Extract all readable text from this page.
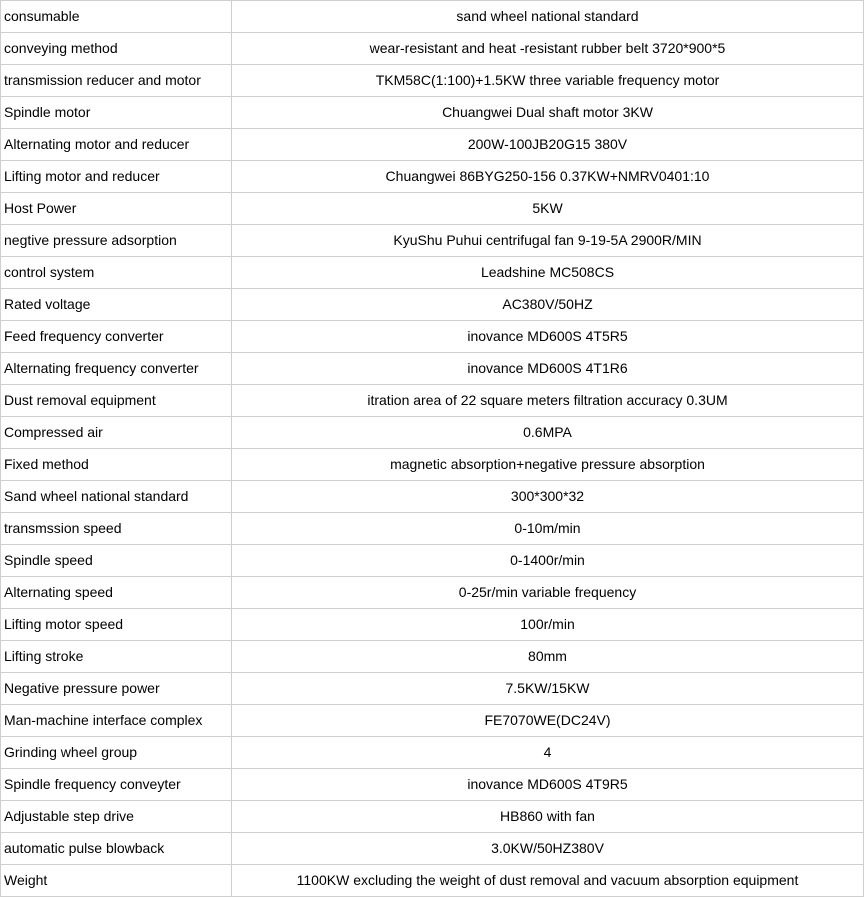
consumable	sand wheel national standard
conveying method	wear-resistant and heat -resistant rubber belt 3720*900*5
transmission reducer and motor	TKM58C(1:100)+1.5KW three variable frequency motor
Spindle motor	Chuangwei Dual shaft motor 3KW
Alternating motor and reducer	200W-100JB20G15 380V
Lifting motor and reducer	Chuangwei 86BYG250-156 0.37KW+NMRV0401:10
Host Power	5KW
negtive pressure adsorption	KyuShu Puhui centrifugal fan 9-19-5A 2900R/MIN
control system	Leadshine MC508CS
Rated voltage	AC380V/50HZ
Feed frequency converter	inovance MD600S 4T5R5
Alternating frequency converter	inovance MD600S 4T1R6
Dust removal equipment	itration area of 22 square meters filtration accuracy 0.3UM
Compressed air	0.6MPA
Fixed method	magnetic absorption+negative pressure absorption
Sand wheel national standard	300*300*32
transmssion speed	0-10m/min
Spindle speed	0-1400r/min
Alternating speed	0-25r/min variable frequency
Lifting motor speed	100r/min
Lifting stroke	80mm
Negative pressure power	7.5KW/15KW
Man-machine interface complex	FE7070WE(DC24V)
Grinding wheel group	4
Spindle frequency conveyter	inovance MD600S 4T9R5
Adjustable step drive	HB860 with fan
automatic pulse blowback	3.0KW/50HZ380V
Weight	1100KW excluding the weight of dust removal and vacuum absorption equipment
